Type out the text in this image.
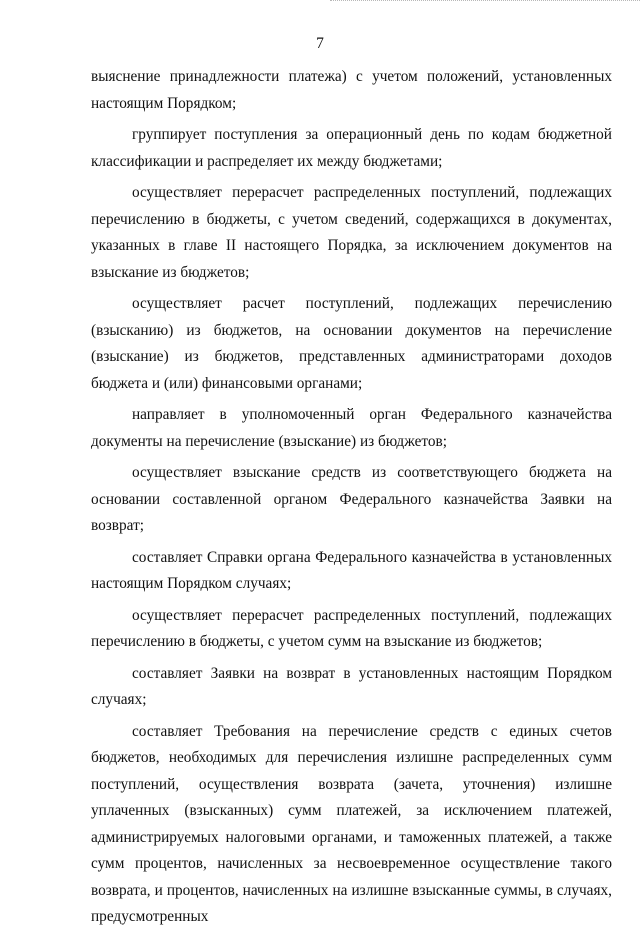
7

выяснение принадлежности платежа) с учетом положений, установленных настоящим Порядком;

группирует поступления за операционный день по кодам бюджетной классификации и распределяет их между бюджетами;

осуществляет перерасчет распределенных поступлений, подлежащих перечислению в бюджеты, с учетом сведений, содержащихся в документах, указанных в главе II настоящего Порядка, за исключением документов на взыскание из бюджетов;

осуществляет расчет поступлений, подлежащих перечислению (взысканию) из бюджетов, на основании документов на перечисление (взыскание) из бюджетов, представленных администраторами доходов бюджета и (или) финансовыми органами;

направляет в уполномоченный орган Федерального казначейства документы на перечисление (взыскание) из бюджетов;

осуществляет взыскание средств из соответствующего бюджета на основании составленной органом Федерального казначейства Заявки на возврат;

составляет Справки органа Федерального казначейства в установленных настоящим Порядком случаях;

осуществляет перерасчет распределенных поступлений, подлежащих перечислению в бюджеты, с учетом сумм на взыскание из бюджетов;

составляет Заявки на возврат в установленных настоящим Порядком случаях;

составляет Требования на перечисление средств с единых счетов бюджетов, необходимых для перечисления излишне распределенных сумм поступлений, осуществления возврата (зачета, уточнения) излишне уплаченных (взысканных) сумм платежей, за исключением платежей, администрируемых налоговыми органами, и таможенных платежей, а также сумм процентов, начисленных за несвоевременное осуществление такого возврата, и процентов, начисленных на излишне взысканные суммы, в случаях, предусмотренных
